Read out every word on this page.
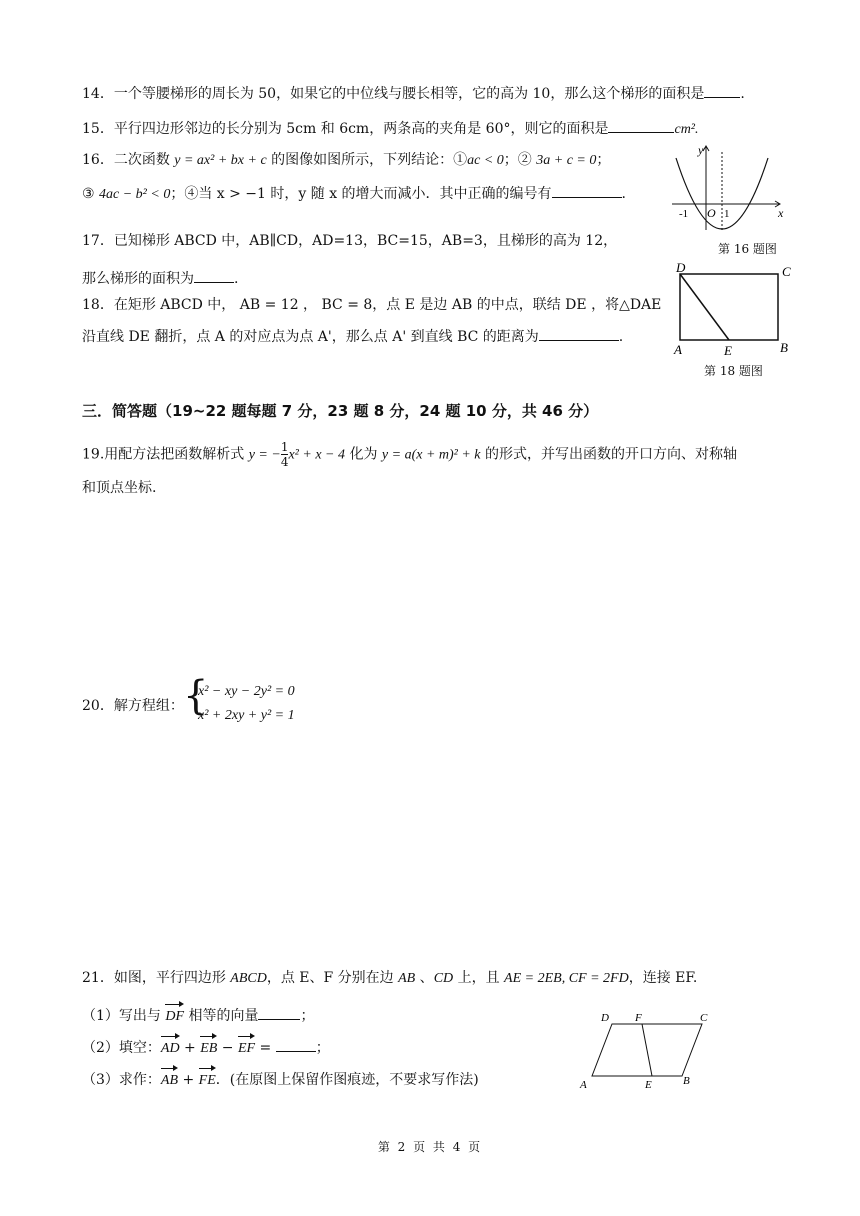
14．一个等腰梯形的周长为 50，如果它的中位线与腰长相等，它的高为 10，那么这个梯形的面积是	.
15．平行四边形邻边的长分别为 5cm 和 6cm，两条高的夹角是 60°，则它的面积是	cm².
16．二次函数 y = ax² + bx + c 的图像如图所示，下列结论：①ac < 0；② 3a + c = 0；
③ 4ac − b² < 0；④当 x > −1 时，y 随 x 的增大而减小．其中正确的编号有	.
y
x
-1 O 1
第 16 题图
17．已知梯形 ABCD 中，AB∥CD，AD=13，BC=15，AB=3，且梯形的高为 12，
那么梯形的面积为	.
D	C
A	E	B
第 18 题图
18．在矩形 ABCD 中， AB = 12 ， BC = 8，点 E 是边 AB 的中点，联结 DE ，将△DAE
沿直线 DE 翻折，点 A 的对应点为点 A'，那么点 A' 到直线 BC 的距离为	.
三．简答题（19~22 题每题 7 分，23 题 8 分，24 题 10 分，共 46 分）
19.用配方法把函数解析式 y = − $\frac{1}{4} x^2 + x - 4$ 化为 y = a(x + m)² + k 的形式，并写出函数的开口方向、对称轴
和顶点坐标.
20．解方程组： {
x² − xy − 2y² = 0
x² + 2xy + y² = 1
21．如图，平行四边形 ABCD，点 E、F 分别在边 AB 、CD 上，且 AE = 2EB, CF = 2FD，连接 EF.
（1）写出与 DF 相等的向量	；
（2）填空：AD + EB − EF =	；
（3）求作：AB + FE．(在原图上保留作图痕迹，不要求写作法)
D F	C
A	E	B
第 2 页 共 4 页
